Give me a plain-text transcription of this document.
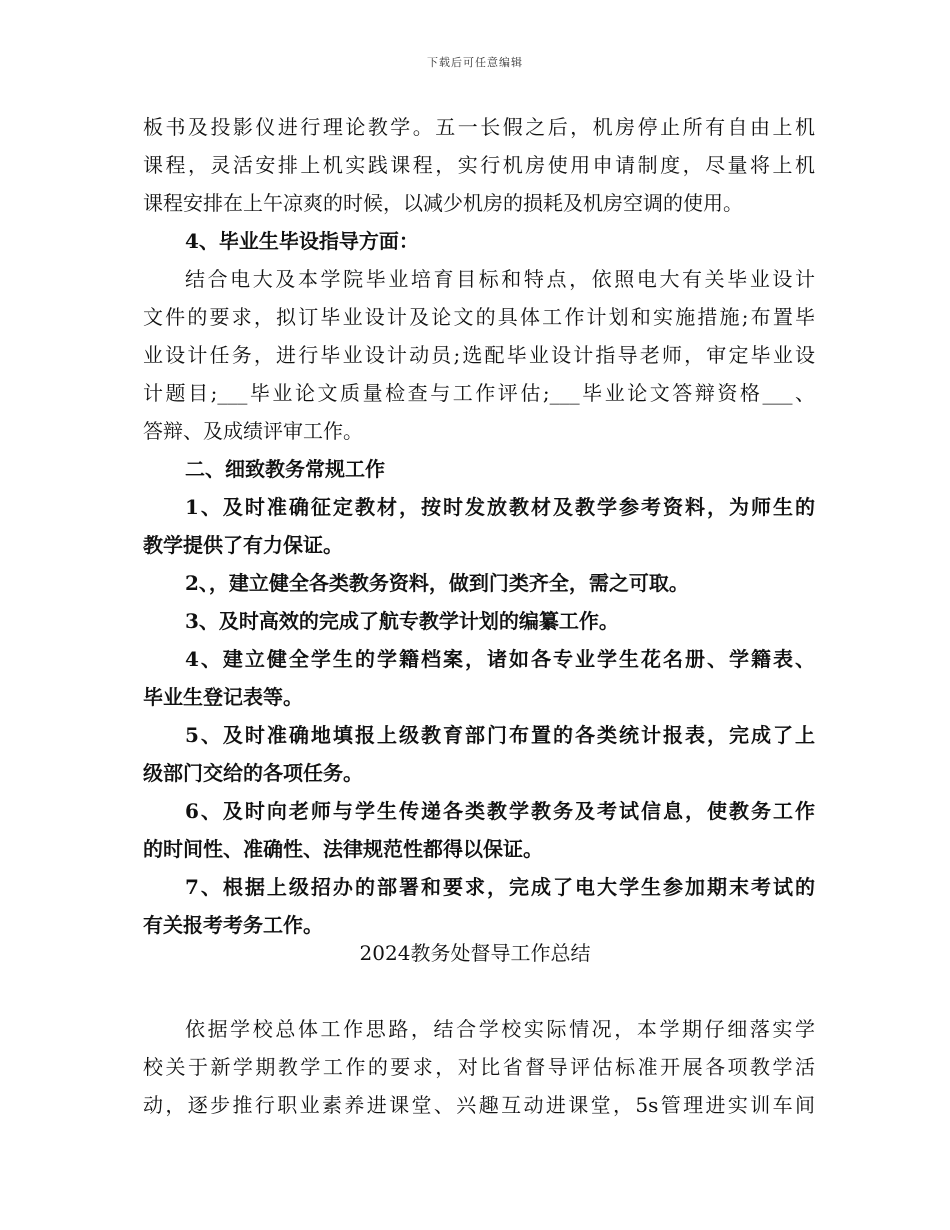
下载后可任意编辑
板书及投影仪进行理论教学。五一长假之后，机房停止所有自由上机
课程，灵活安排上机实践课程，实行机房使用申请制度，尽量将上机
课程安排在上午凉爽的时候，以减少机房的损耗及机房空调的使用。
4、毕业生毕设指导方面：
结合电大及本学院毕业培育目标和特点，依照电大有关毕业设计
文件的要求，拟订毕业设计及论文的具体工作计划和实施措施;布置毕
业设计任务，进行毕业设计动员;选配毕业设计指导老师，审定毕业设
计题目;___毕业论文质量检查与工作评估;___毕业论文答辩资格___、
答辩、及成绩评审工作。
二、细致教务常规工作
1、及时准确征定教材，按时发放教材及教学参考资料，为师生的
教学提供了有力保证。
2、，建立健全各类教务资料，做到门类齐全，需之可取。
3、及时高效的完成了航专教学计划的编纂工作。
4、建立健全学生的学籍档案，诸如各专业学生花名册、学籍表、
毕业生登记表等。
5、及时准确地填报上级教育部门布置的各类统计报表，完成了上
级部门交给的各项任务。
6、及时向老师与学生传递各类教学教务及考试信息，使教务工作
的时间性、准确性、法律规范性都得以保证。
7、根据上级招办的部署和要求，完成了电大学生参加期末考试的
有关报考考务工作。
2024教务处督导工作总结
依据学校总体工作思路，结合学校实际情况，本学期仔细落实学
校关于新学期教学工作的要求，对比省督导评估标准开展各项教学活
动，逐步推行职业素养进课堂、兴趣互动进课堂，5s管理进实训车间
